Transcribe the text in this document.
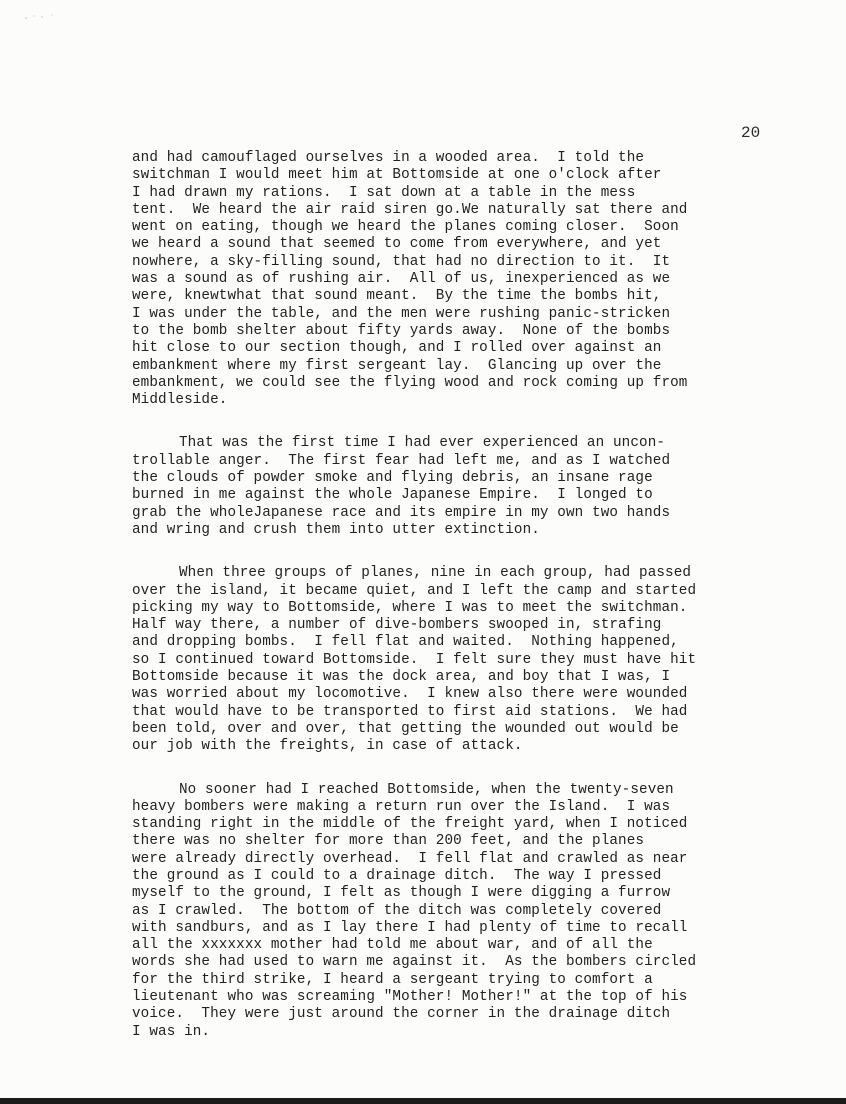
20
and had camouflaged ourselves in a wooded area.  I told the
switchman I would meet him at Bottomside at one o'clock after
I had drawn my rations.  I sat down at a table in the mess
tent.  We heard the air raid siren go.We naturally sat there and
went on eating, though we heard the planes coming closer.  Soon
we heard a sound that seemed to come from everywhere, and yet
nowhere, a sky-filling sound, that had no direction to it.  It
was a sound as of rushing air.  All of us, inexperienced as we
were, knewtwhat that sound meant.  By the time the bombs hit,
I was under the table, and the men were rushing panic-stricken
to the bomb shelter about fifty yards away.  None of the bombs
hit close to our section though, and I rolled over against an
embankment where my first sergeant lay.  Glancing up over the
embankment, we could see the flying wood and rock coming up from
Middleside.
That was the first time I had ever experienced an uncon-
trollable anger.  The first fear had left me, and as I watched
the clouds of powder smoke and flying debris, an insane rage
burned in me against the whole Japanese Empire.  I longed to
grab the wholeJapanese race and its empire in my own two hands
and wring and crush them into utter extinction.
When three groups of planes, nine in each group, had passed
over the island, it became quiet, and I left the camp and started
picking my way to Bottomside, where I was to meet the switchman.
Half way there, a number of dive-bombers swooped in, strafing
and dropping bombs.  I fell flat and waited.  Nothing happened,
so I continued toward Bottomside.  I felt sure they must have hit
Bottomside because it was the dock area, and boy that I was, I
was worried about my locomotive.  I knew also there were wounded
that would have to be transported to first aid stations.  We had
been told, over and over, that getting the wounded out would be
our job with the freights, in case of attack.
No sooner had I reached Bottomside, when the twenty-seven
heavy bombers were making a return run over the Island.  I was
standing right in the middle of the freight yard, when I noticed
there was no shelter for more than 200 feet, and the planes
were already directly overhead.  I fell flat and crawled as near
the ground as I could to a drainage ditch.  The way I pressed
myself to the ground, I felt as though I were digging a furrow
as I crawled.  The bottom of the ditch was completely covered
with sandburs, and as I lay there I had plenty of time to recall
all the xxxxxxx mother had told me about war, and of all the
words she had used to warn me against it.  As the bombers circled
for the third strike, I heard a sergeant trying to comfort a
lieutenant who was screaming "Mother! Mother!" at the top of his
voice.  They were just around the corner in the drainage ditch
I was in.
